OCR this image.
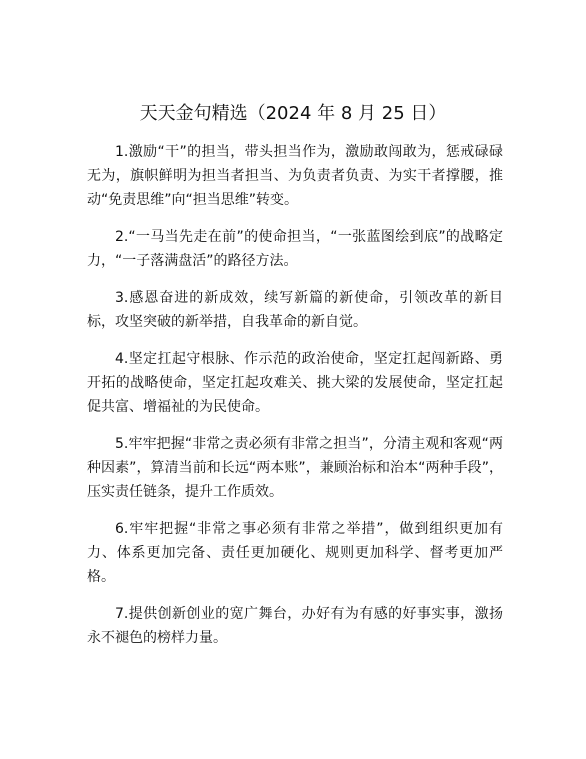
天天金句精选（2024 年 8 月 25 日）

1.激励“干”的担当，带头担当作为，激励敢闯敢为，惩戒碌碌无为，旗帜鲜明为担当者担当、为负责者负责、为实干者撑腰，推动“免责思维”向“担当思维”转变。

2.“一马当先走在前”的使命担当，“一张蓝图绘到底”的战略定力，“一子落满盘活”的路径方法。

3.感恩奋进的新成效，续写新篇的新使命，引领改革的新目标，攻坚突破的新举措，自我革命的新自觉。

4.坚定扛起守根脉、作示范的政治使命，坚定扛起闯新路、勇开拓的战略使命，坚定扛起攻难关、挑大梁的发展使命，坚定扛起促共富、增福祉的为民使命。

5.牢牢把握“非常之责必须有非常之担当”，分清主观和客观“两种因素”，算清当前和长远“两本账”，兼顾治标和治本“两种手段”，压实责任链条，提升工作质效。

6.牢牢把握“非常之事必须有非常之举措”，做到组织更加有力、体系更加完备、责任更加硬化、规则更加科学、督考更加严格。

7.提供创新创业的宽广舞台，办好有为有感的好事实事，激扬永不褪色的榜样力量。
